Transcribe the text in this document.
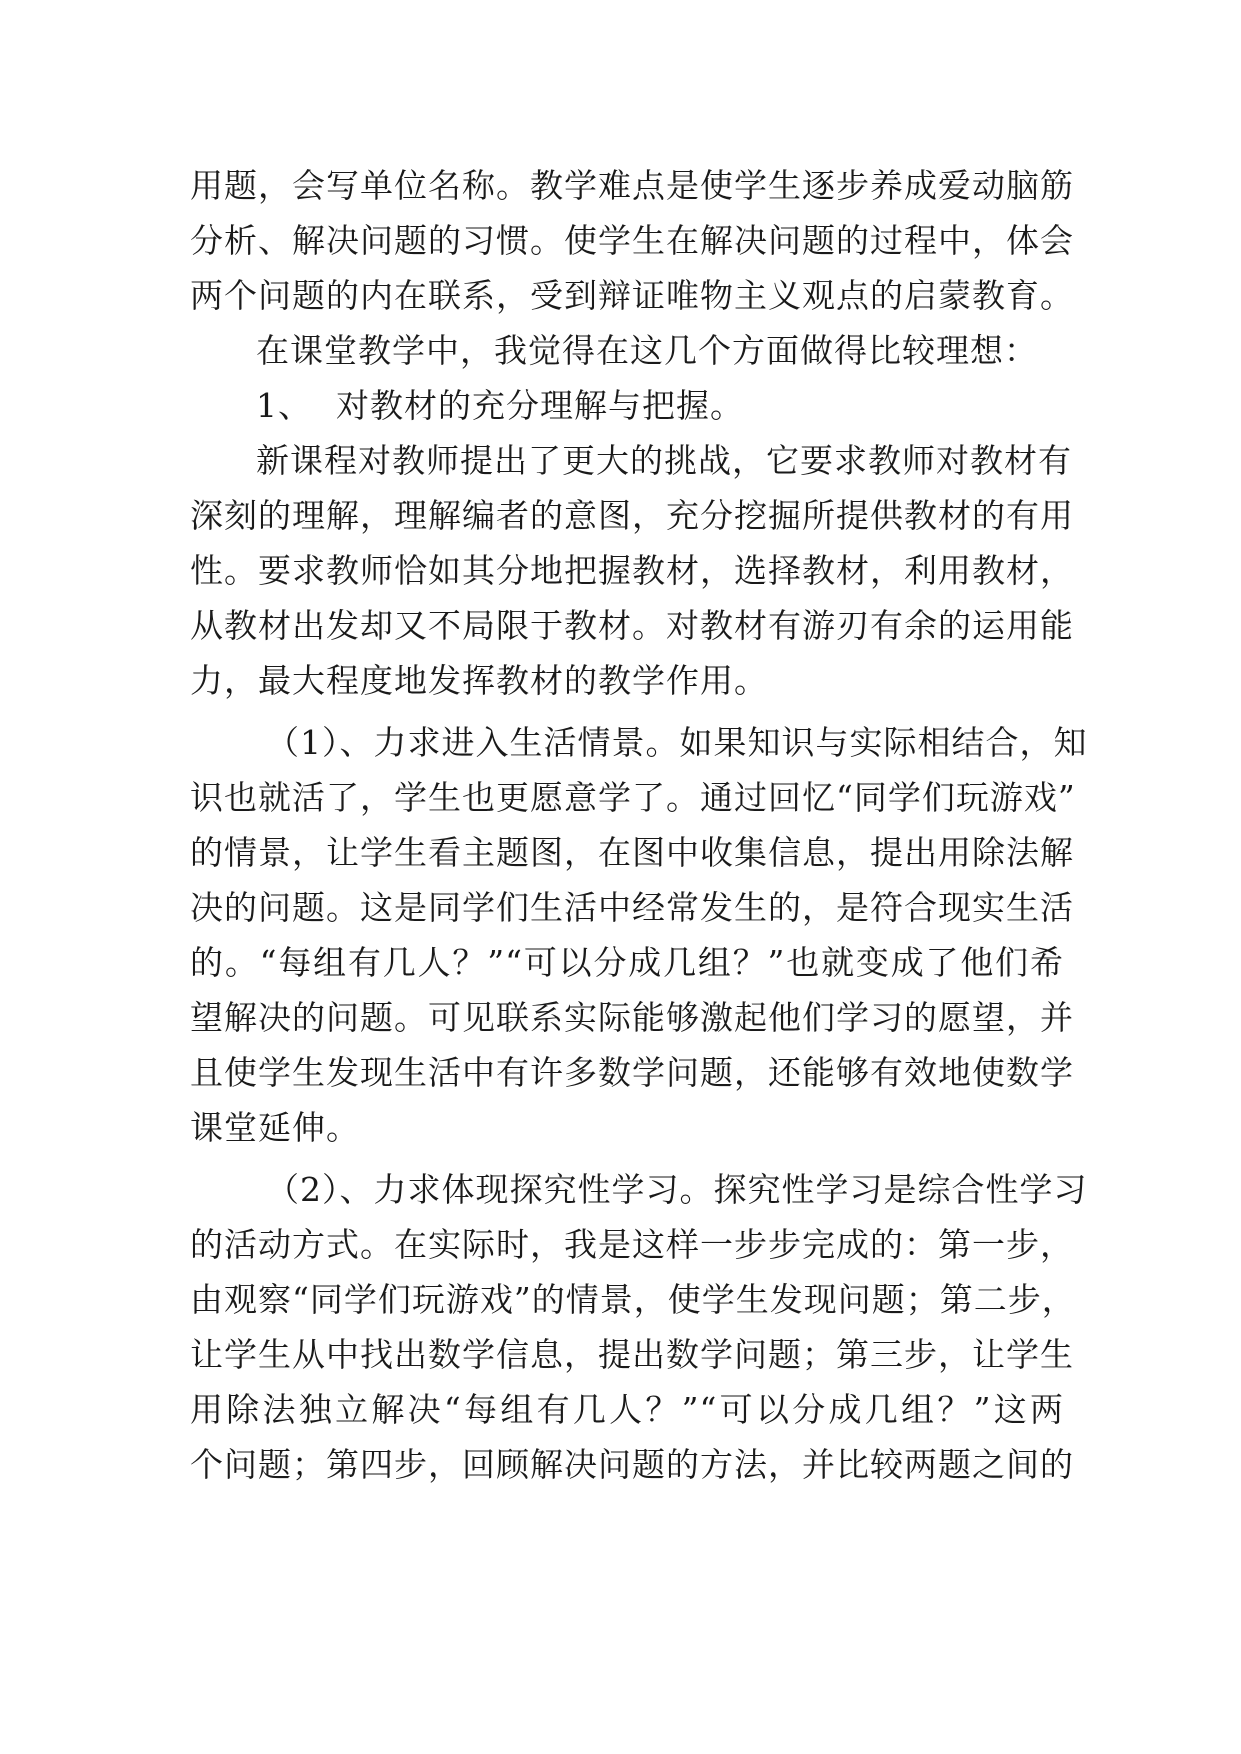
用题，会写单位名称。教学难点是使学生逐步养成爱动脑筋
分析、解决问题的习惯。使学生在解决问题的过程中，体会
两个问题的内在联系，受到辩证唯物主义观点的启蒙教育。
在课堂教学中，我觉得在这几个方面做得比较理想：
1、 对教材的充分理解与把握。
新课程对教师提出了更大的挑战，它要求教师对教材有
深刻的理解，理解编者的意图，充分挖掘所提供教材的有用
性。要求教师恰如其分地把握教材，选择教材，利用教材，
从教材出发却又不局限于教材。对教材有游刃有余的运用能
力，最大程度地发挥教材的教学作用。
（1）、力求进入生活情景。如果知识与实际相结合，知
识也就活了，学生也更愿意学了。通过回忆“同学们玩游戏”
的情景，让学生看主题图，在图中收集信息，提出用除法解
决的问题。这是同学们生活中经常发生的，是符合现实生活
的。“每组有几人？”“可以分成几组？”也就变成了他们希
望解决的问题。可见联系实际能够激起他们学习的愿望，并
且使学生发现生活中有许多数学问题，还能够有效地使数学
课堂延伸。
（2）、力求体现探究性学习。探究性学习是综合性学习
的活动方式。在实际时，我是这样一步步完成的：第一步，
由观察“同学们玩游戏”的情景，使学生发现问题；第二步，
让学生从中找出数学信息，提出数学问题；第三步，让学生
用除法独立解决“每组有几人？”“可以分成几组？”这两
个问题；第四步，回顾解决问题的方法，并比较两题之间的
